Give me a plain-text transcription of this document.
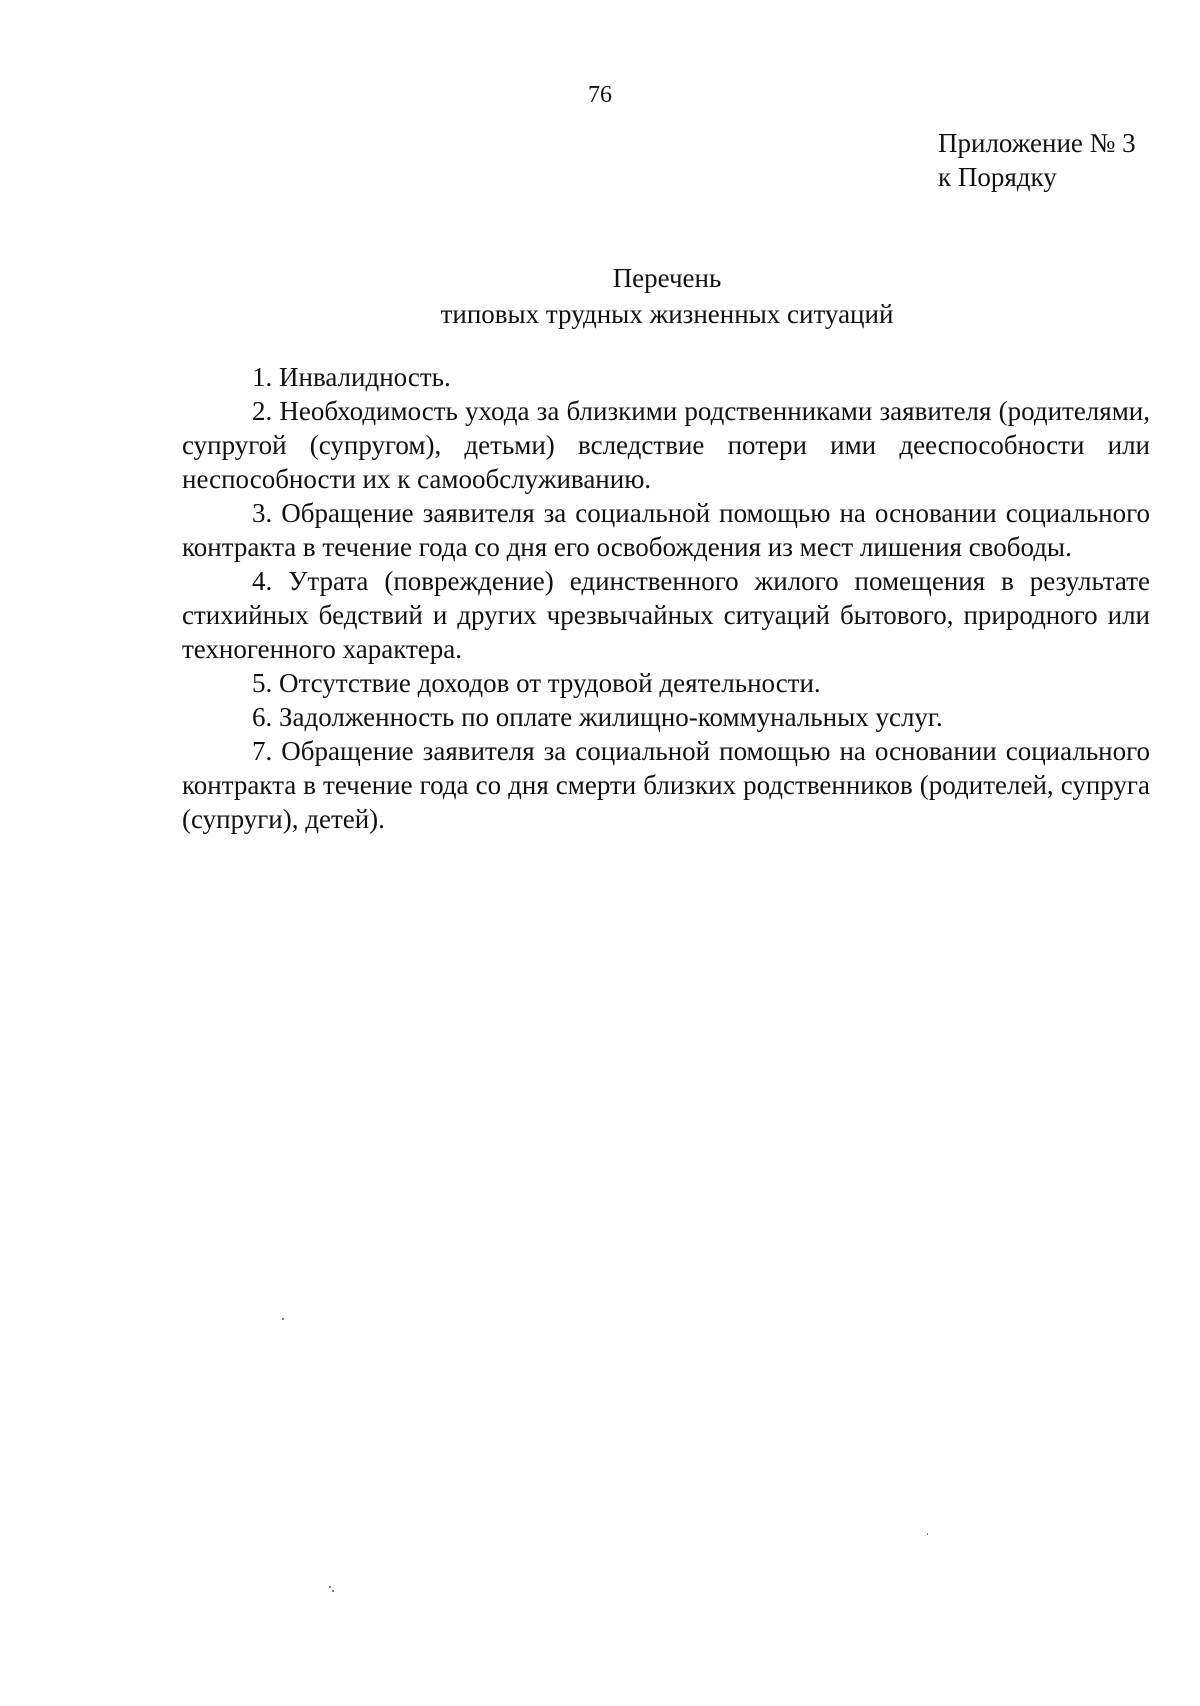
76
Приложение № 3
к Порядку
Перечень
типовых трудных жизненных ситуаций

1. Инвалидность.

2. Необходимость ухода за близкими родственниками заявителя (родителями, супругой (супругом), детьми) вследствие потери ими дееспособности или неспособности их к самообслуживанию.

3. Обращение заявителя за социальной помощью на основании социального контракта в течение года со дня его освобождения из мест лишения свободы.

4. Утрата (повреждение) единственного жилого помещения в результате стихийных бедствий и других чрезвычайных ситуаций бытового, природного или техногенного характера.

5. Отсутствие доходов от трудовой деятельности.

6. Задолженность по оплате жилищно-коммунальных услуг.

7. Обращение заявителя за социальной помощью на основании социального контракта в течение года со дня смерти близких родственников (родителей, супруга (супруги), детей).
